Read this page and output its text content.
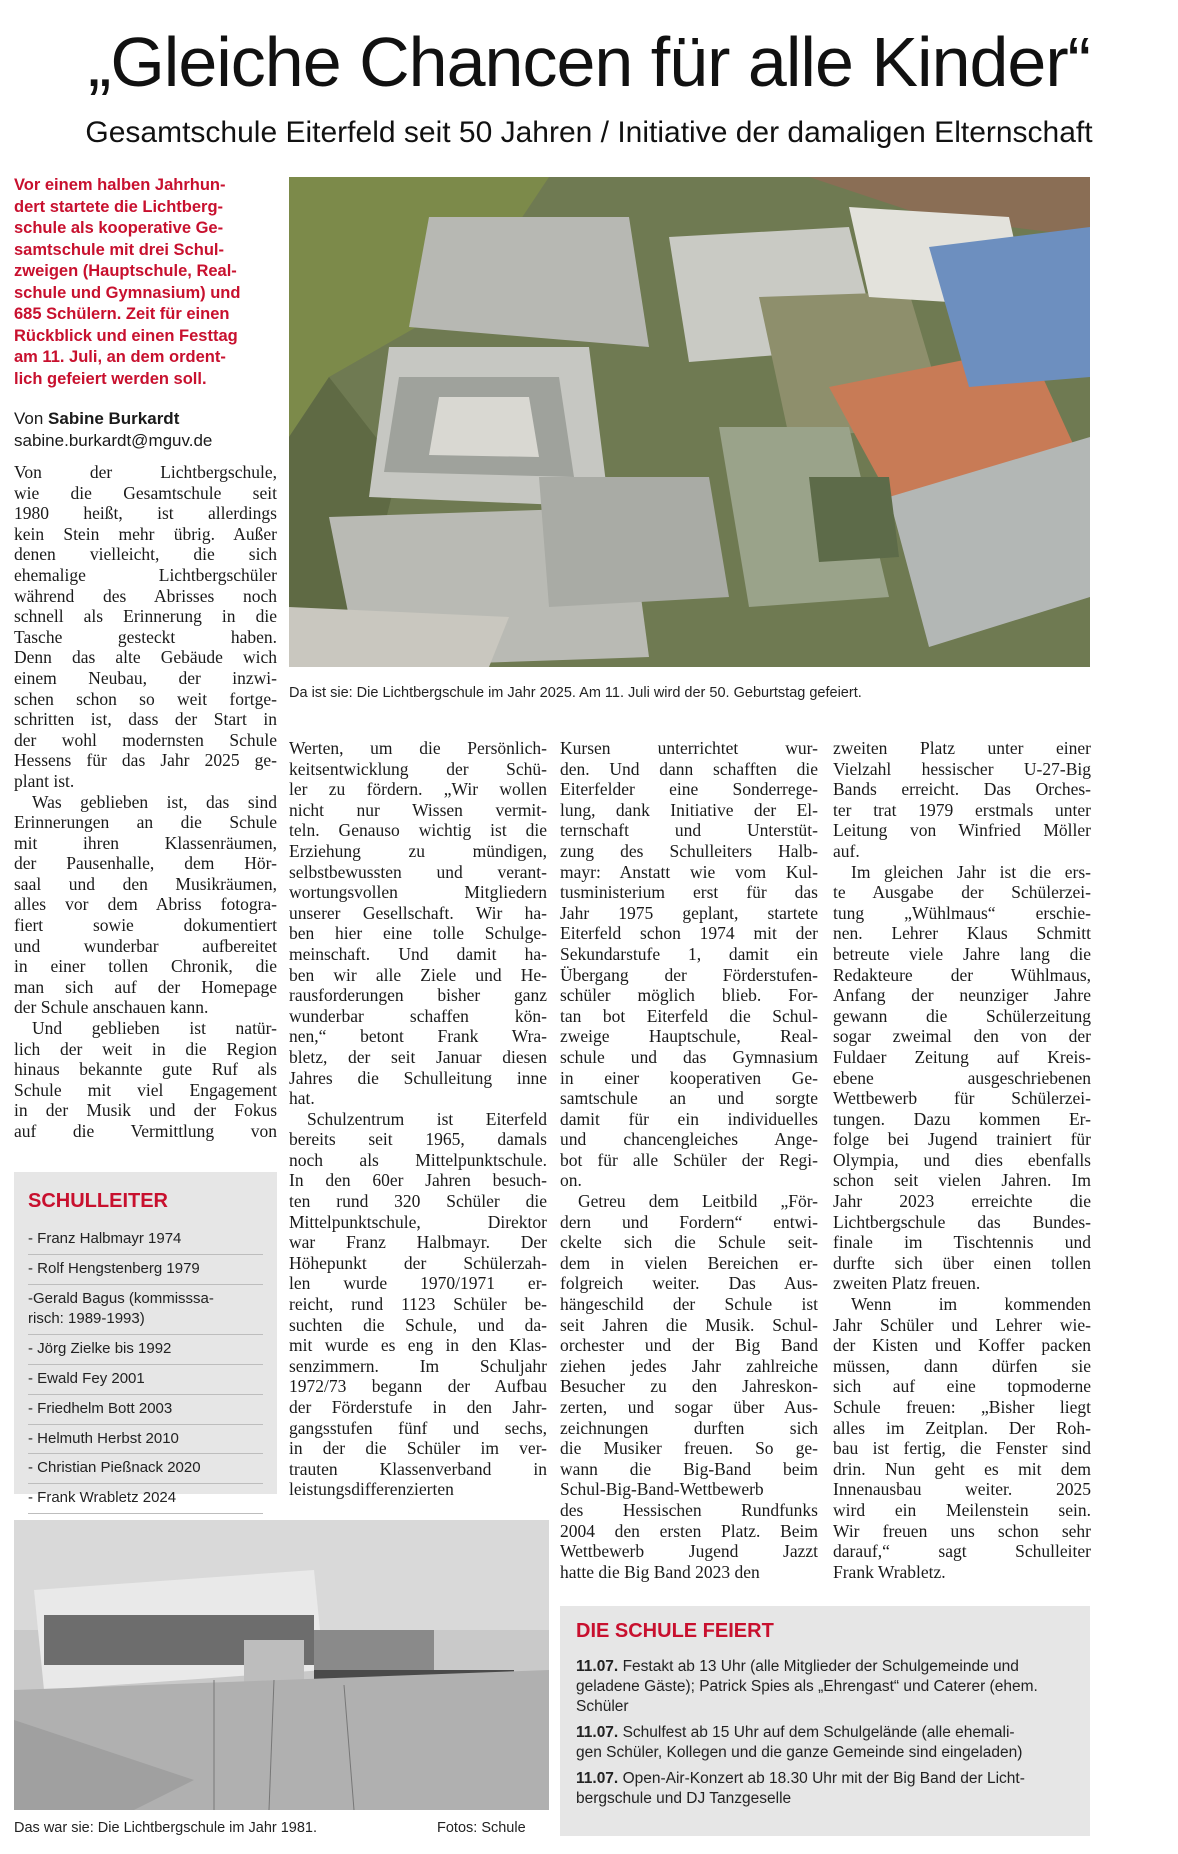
„Gleiche Chancen für alle Kinder“
Gesamtschule Eiterfeld seit 50 Jahren / Initiative der damaligen Elternschaft
Vor einem halben Jahrhun-
dert startete die Lichtberg-
schule als kooperative Ge-
samtschule mit drei Schul-
zweigen (Hauptschule, Real-
schule und Gymnasium) und
685 Schülern. Zeit für einen
Rückblick und einen Festtag
am 11. Juli, an dem ordent-
lich gefeiert werden soll.
Von Sabine Burkardt
sabine.burkardt@mguv.de
Da ist sie: Die Lichtbergschule im Jahr 2025. Am 11. Juli wird der 50. Geburtstag gefeiert.
Von der Lichtbergschule,
wie die Gesamtschule seit
1980 heißt, ist allerdings
kein Stein mehr übrig. Außer
denen vielleicht, die sich
ehemalige Lichtbergschüler
während des Abrisses noch
schnell als Erinnerung in die
Tasche gesteckt haben.
Denn das alte Gebäude wich
einem Neubau, der inzwi-
schen schon so weit fortge-
schritten ist, dass der Start in
der wohl modernsten Schule
Hessens für das Jahr 2025 ge-
plant ist.
Was geblieben ist, das sind
Erinnerungen an die Schule
mit ihren Klassenräumen,
der Pausenhalle, dem Hör-
saal und den Musikräumen,
alles vor dem Abriss fotogra-
fiert sowie dokumentiert
und wunderbar aufbereitet
in einer tollen Chronik, die
man sich auf der Homepage
der Schule anschauen kann.
Und geblieben ist natür-
lich der weit in die Region
hinaus bekannte gute Ruf als
Schule mit viel Engagement
in der Musik und der Fokus
auf die Vermittlung von
Werten, um die Persönlich-
keitsentwicklung der Schü-
ler zu fördern. „Wir wollen
nicht nur Wissen vermit-
teln. Genauso wichtig ist die
Erziehung zu mündigen,
selbstbewussten und verant-
wortungsvollen Mitgliedern
unserer Gesellschaft. Wir ha-
ben hier eine tolle Schulge-
meinschaft. Und damit ha-
ben wir alle Ziele und He-
rausforderungen bisher ganz
wunderbar schaffen kön-
nen,“ betont Frank Wra-
bletz, der seit Januar diesen
Jahres die Schulleitung inne
hat.
Schulzentrum ist Eiterfeld
bereits seit 1965, damals
noch als Mittelpunktschule.
In den 60er Jahren besuch-
ten rund 320 Schüler die
Mittelpunktschule, Direktor
war Franz Halbmayr. Der
Höhepunkt der Schülerzah-
len wurde 1970/1971 er-
reicht, rund 1123 Schüler be-
suchten die Schule, und da-
mit wurde es eng in den Klas-
senzimmern. Im Schuljahr
1972/73 begann der Aufbau
der Förderstufe in den Jahr-
gangsstufen fünf und sechs,
in der die Schüler im ver-
trauten Klassenverband in
leistungsdifferenzierten
Kursen unterrichtet wur-
den. Und dann schafften die
Eiterfelder eine Sonderrege-
lung, dank Initiative der El-
ternschaft und Unterstüt-
zung des Schulleiters Halb-
mayr: Anstatt wie vom Kul-
tusministerium erst für das
Jahr 1975 geplant, startete
Eiterfeld schon 1974 mit der
Sekundarstufe 1, damit ein
Übergang der Förderstufen-
schüler möglich blieb. For-
tan bot Eiterfeld die Schul-
zweige Hauptschule, Real-
schule und das Gymnasium
in einer kooperativen Ge-
samtschule an und sorgte
damit für ein individuelles
und chancengleiches Ange-
bot für alle Schüler der Regi-
on.
Getreu dem Leitbild „För-
dern und Fordern“ entwi-
ckelte sich die Schule seit-
dem in vielen Bereichen er-
folgreich weiter. Das Aus-
hängeschild der Schule ist
seit Jahren die Musik. Schul-
orchester und der Big Band
ziehen jedes Jahr zahlreiche
Besucher zu den Jahreskon-
zerten, und sogar über Aus-
zeichnungen durften sich
die Musiker freuen. So ge-
wann die Big-Band beim
Schul-Big-Band-Wettbewerb
des Hessischen Rundfunks
2004 den ersten Platz. Beim
Wettbewerb Jugend Jazzt
hatte die Big Band 2023 den
zweiten Platz unter einer
Vielzahl hessischer U-27-Big
Bands erreicht. Das Orches-
ter trat 1979 erstmals unter
Leitung von Winfried Möller
auf.
Im gleichen Jahr ist die ers-
te Ausgabe der Schülerzei-
tung „Wühlmaus“ erschie-
nen. Lehrer Klaus Schmitt
betreute viele Jahre lang die
Redakteure der Wühlmaus,
Anfang der neunziger Jahre
gewann die Schülerzeitung
sogar zweimal den von der
Fuldaer Zeitung auf Kreis-
ebene ausgeschriebenen
Wettbewerb für Schülerzei-
tungen. Dazu kommen Er-
folge bei Jugend trainiert für
Olympia, und dies ebenfalls
schon seit vielen Jahren. Im
Jahr 2023 erreichte die
Lichtbergschule das Bundes-
finale im Tischtennis und
durfte sich über einen tollen
zweiten Platz freuen.
Wenn im kommenden
Jahr Schüler und Lehrer wie-
der Kisten und Koffer packen
müssen, dann dürfen sie
sich auf eine topmoderne
Schule freuen: „Bisher liegt
alles im Zeitplan. Der Roh-
bau ist fertig, die Fenster sind
drin. Nun geht es mit dem
Innenausbau weiter. 2025
wird ein Meilenstein sein.
Wir freuen uns schon sehr
darauf,“ sagt Schulleiter
Frank Wrabletz.
SCHULLEITER
- Franz Halbmayr 1974
- Rolf Hengstenberg 1979
-Gerald Bagus (kommisssa-
risch: 1989-1993)
- Jörg Zielke bis 1992
- Ewald Fey 2001
- Friedhelm Bott 2003
- Helmuth Herbst 2010
- Christian Pießnack 2020
- Frank Wrabletz 2024
Das war sie: Die Lichtbergschule im Jahr 1981.	Fotos: Schule
DIE SCHULE FEIERT
11.07. Festakt ab 13 Uhr (alle Mitglieder der Schulgemeinde und
geladene Gäste); Patrick Spies als „Ehrengast“ und Caterer (ehem.
Schüler
11.07. Schulfest ab 15 Uhr auf dem Schulgelände (alle ehemali-
gen Schüler, Kollegen und die ganze Gemeinde sind eingeladen)
11.07. Open-Air-Konzert ab 18.30 Uhr mit der Big Band der Licht-
bergschule und DJ Tanzgeselle
